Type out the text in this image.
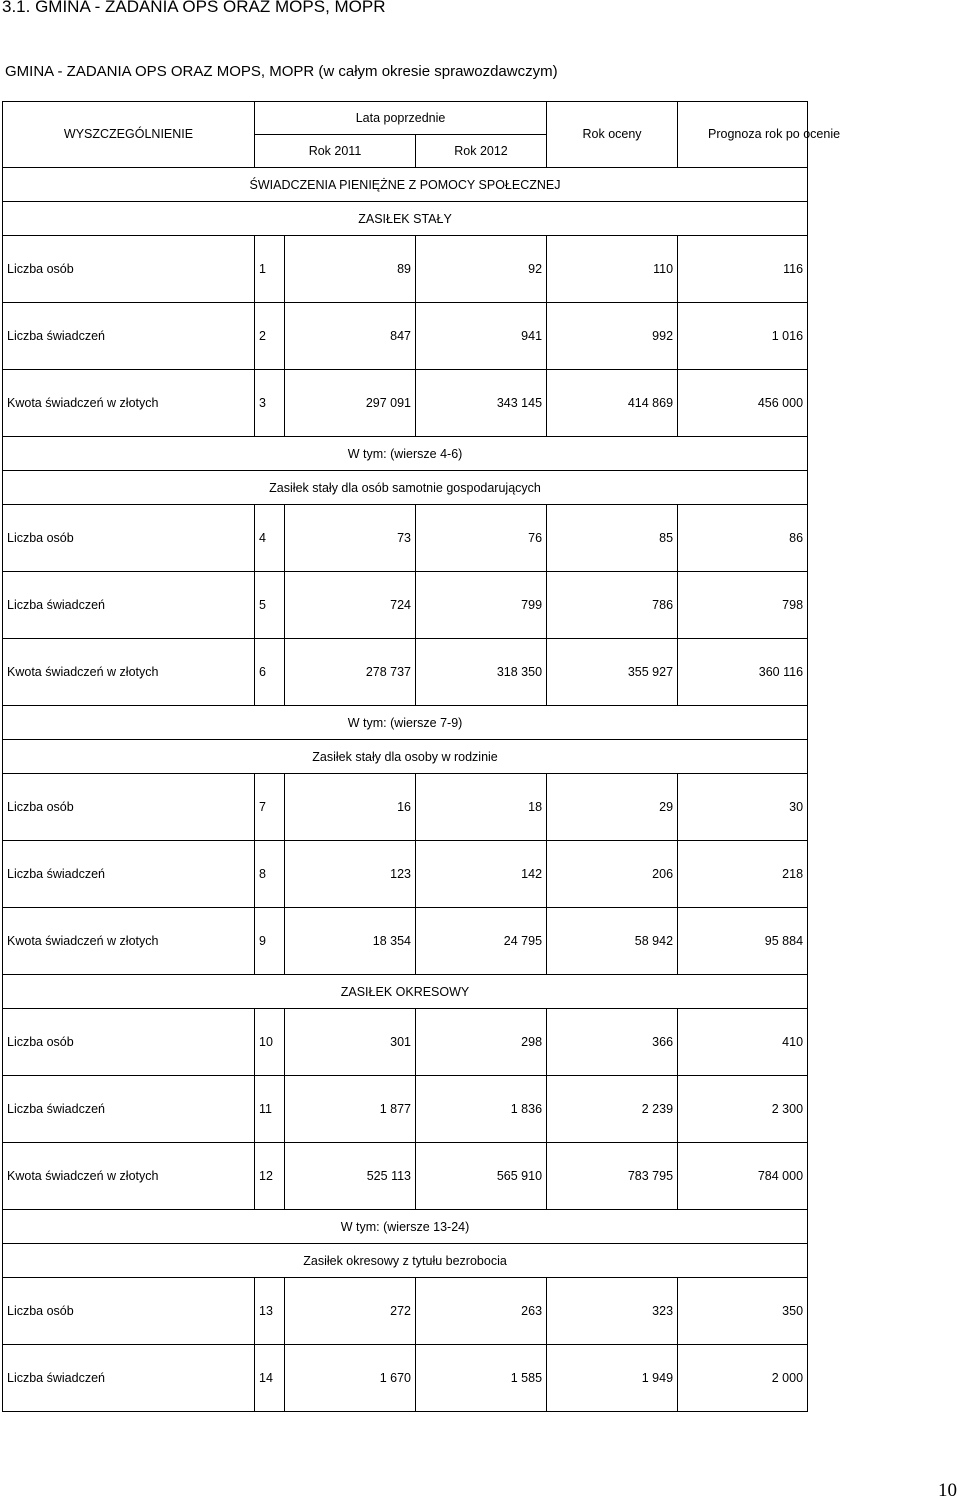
3.1. GMINA - ZADANIA OPS ORAZ MOPS, MOPR
GMINA - ZADANIA OPS ORAZ MOPS, MOPR (w całym okresie sprawozdawczym)
WYSZCZEGÓLNIENIE	Lata poprzednie			Rok oceny	Prognoza rok po ocenie
	Rok 2011		Rok 2012		
ŚWIADCZENIA PIENIĘŻNE Z POMOCY SPOŁECZNEJ					
ZASIŁEK STAŁY					
Liczba osób	1	89	92	110	116
Liczba świadczeń	2	847	941	992	1 016
Kwota świadczeń w złotych	3	297 091	343 145	414 869	456 000
W tym: (wiersze 4-6)					
Zasiłek stały dla osób samotnie gospodarujących					
Liczba osób	4	73	76	85	86
Liczba świadczeń	5	724	799	786	798
Kwota świadczeń w złotych	6	278 737	318 350	355 927	360 116
W tym: (wiersze 7-9)					
Zasiłek stały dla osoby w rodzinie					
Liczba osób	7	16	18	29	30
Liczba świadczeń	8	123	142	206	218
Kwota świadczeń w złotych	9	18 354	24 795	58 942	95 884
ZASIŁEK OKRESOWY					
Liczba osób	10	301	298	366	410
Liczba świadczeń	11	1 877	1 836	2 239	2 300
Kwota świadczeń w złotych	12	525 113	565 910	783 795	784 000
W tym: (wiersze 13-24)					
Zasiłek okresowy z tytułu bezrobocia					
Liczba osób	13	272	263	323	350
Liczba świadczeń	14	1 670	1 585	1 949	2 000
10
